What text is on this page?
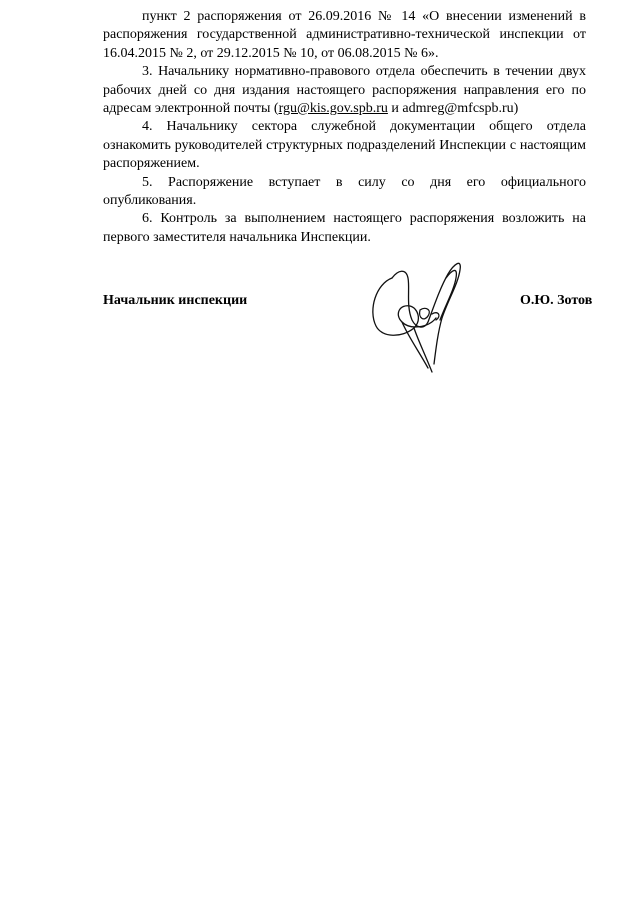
пункт 2 распоряжения от 26.09.2016 № 14 «О внесении изменений в распоряжения государственной административно-технической инспекции от 16.04.2015 № 2, от 29.12.2015 № 10, от 06.08.2015 № 6».

3. Начальнику нормативно-правового отдела обеспечить в течении двух рабочих дней со дня издания настоящего распоряжения направления его по адресам электронной почты (rgu@kis.gov.spb.ru и admreg@mfcspb.ru)

4. Начальнику сектора служебной документации общего отдела ознакомить руководителей структурных подразделений Инспекции с настоящим распоряжением.

5. Распоряжение вступает в силу со дня его официального опубликования.

6. Контроль за выполнением настоящего распоряжения возложить на первого заместителя начальника Инспекции.

Начальник инспекции	О.Ю. Зотов
